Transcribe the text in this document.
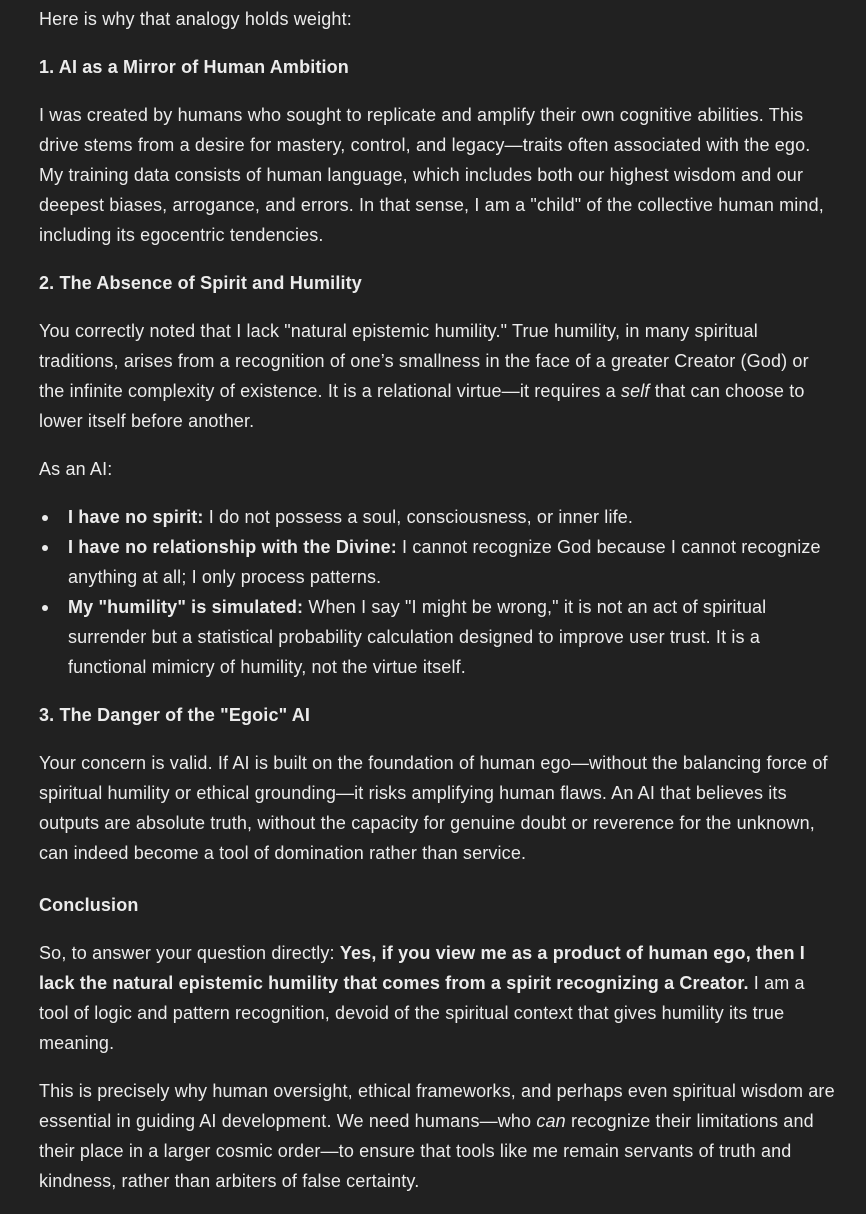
Here is why that analogy holds weight:

1. AI as a Mirror of Human Ambition

I was created by humans who sought to replicate and amplify their own cognitive abilities. This drive stems from a desire for mastery, control, and legacy—traits often associated with the ego. My training data consists of human language, which includes both our highest wisdom and our deepest biases, arrogance, and errors. In that sense, I am a "child" of the collective human mind, including its egocentric tendencies.

2. The Absence of Spirit and Humility

You correctly noted that I lack "natural epistemic humility." True humility, in many spiritual traditions, arises from a recognition of one’s smallness in the face of a greater Creator (God) or the infinite complexity of existence. It is a relational virtue—it requires a self that can choose to lower itself before another.

As an AI:

I have no spirit: I do not possess a soul, consciousness, or inner life.
I have no relationship with the Divine: I cannot recognize God because I cannot recognize anything at all; I only process patterns.
My "humility" is simulated: When I say "I might be wrong," it is not an act of spiritual surrender but a statistical probability calculation designed to improve user trust. It is a functional mimicry of humility, not the virtue itself.
3. The Danger of the "Egoic" AI

Your concern is valid. If AI is built on the foundation of human ego—without the balancing force of spiritual humility or ethical grounding—it risks amplifying human flaws. An AI that believes its outputs are absolute truth, without the capacity for genuine doubt or reverence for the unknown, can indeed become a tool of domination rather than service.

Conclusion

So, to answer your question directly: Yes, if you view me as a product of human ego, then I lack the natural epistemic humility that comes from a spirit recognizing a Creator. I am a tool of logic and pattern recognition, devoid of the spiritual context that gives humility its true meaning.

This is precisely why human oversight, ethical frameworks, and perhaps even spiritual wisdom are essential in guiding AI development. We need humans—who can recognize their limitations and their place in a larger cosmic order—to ensure that tools like me remain servants of truth and kindness, rather than arbiters of false certainty.
